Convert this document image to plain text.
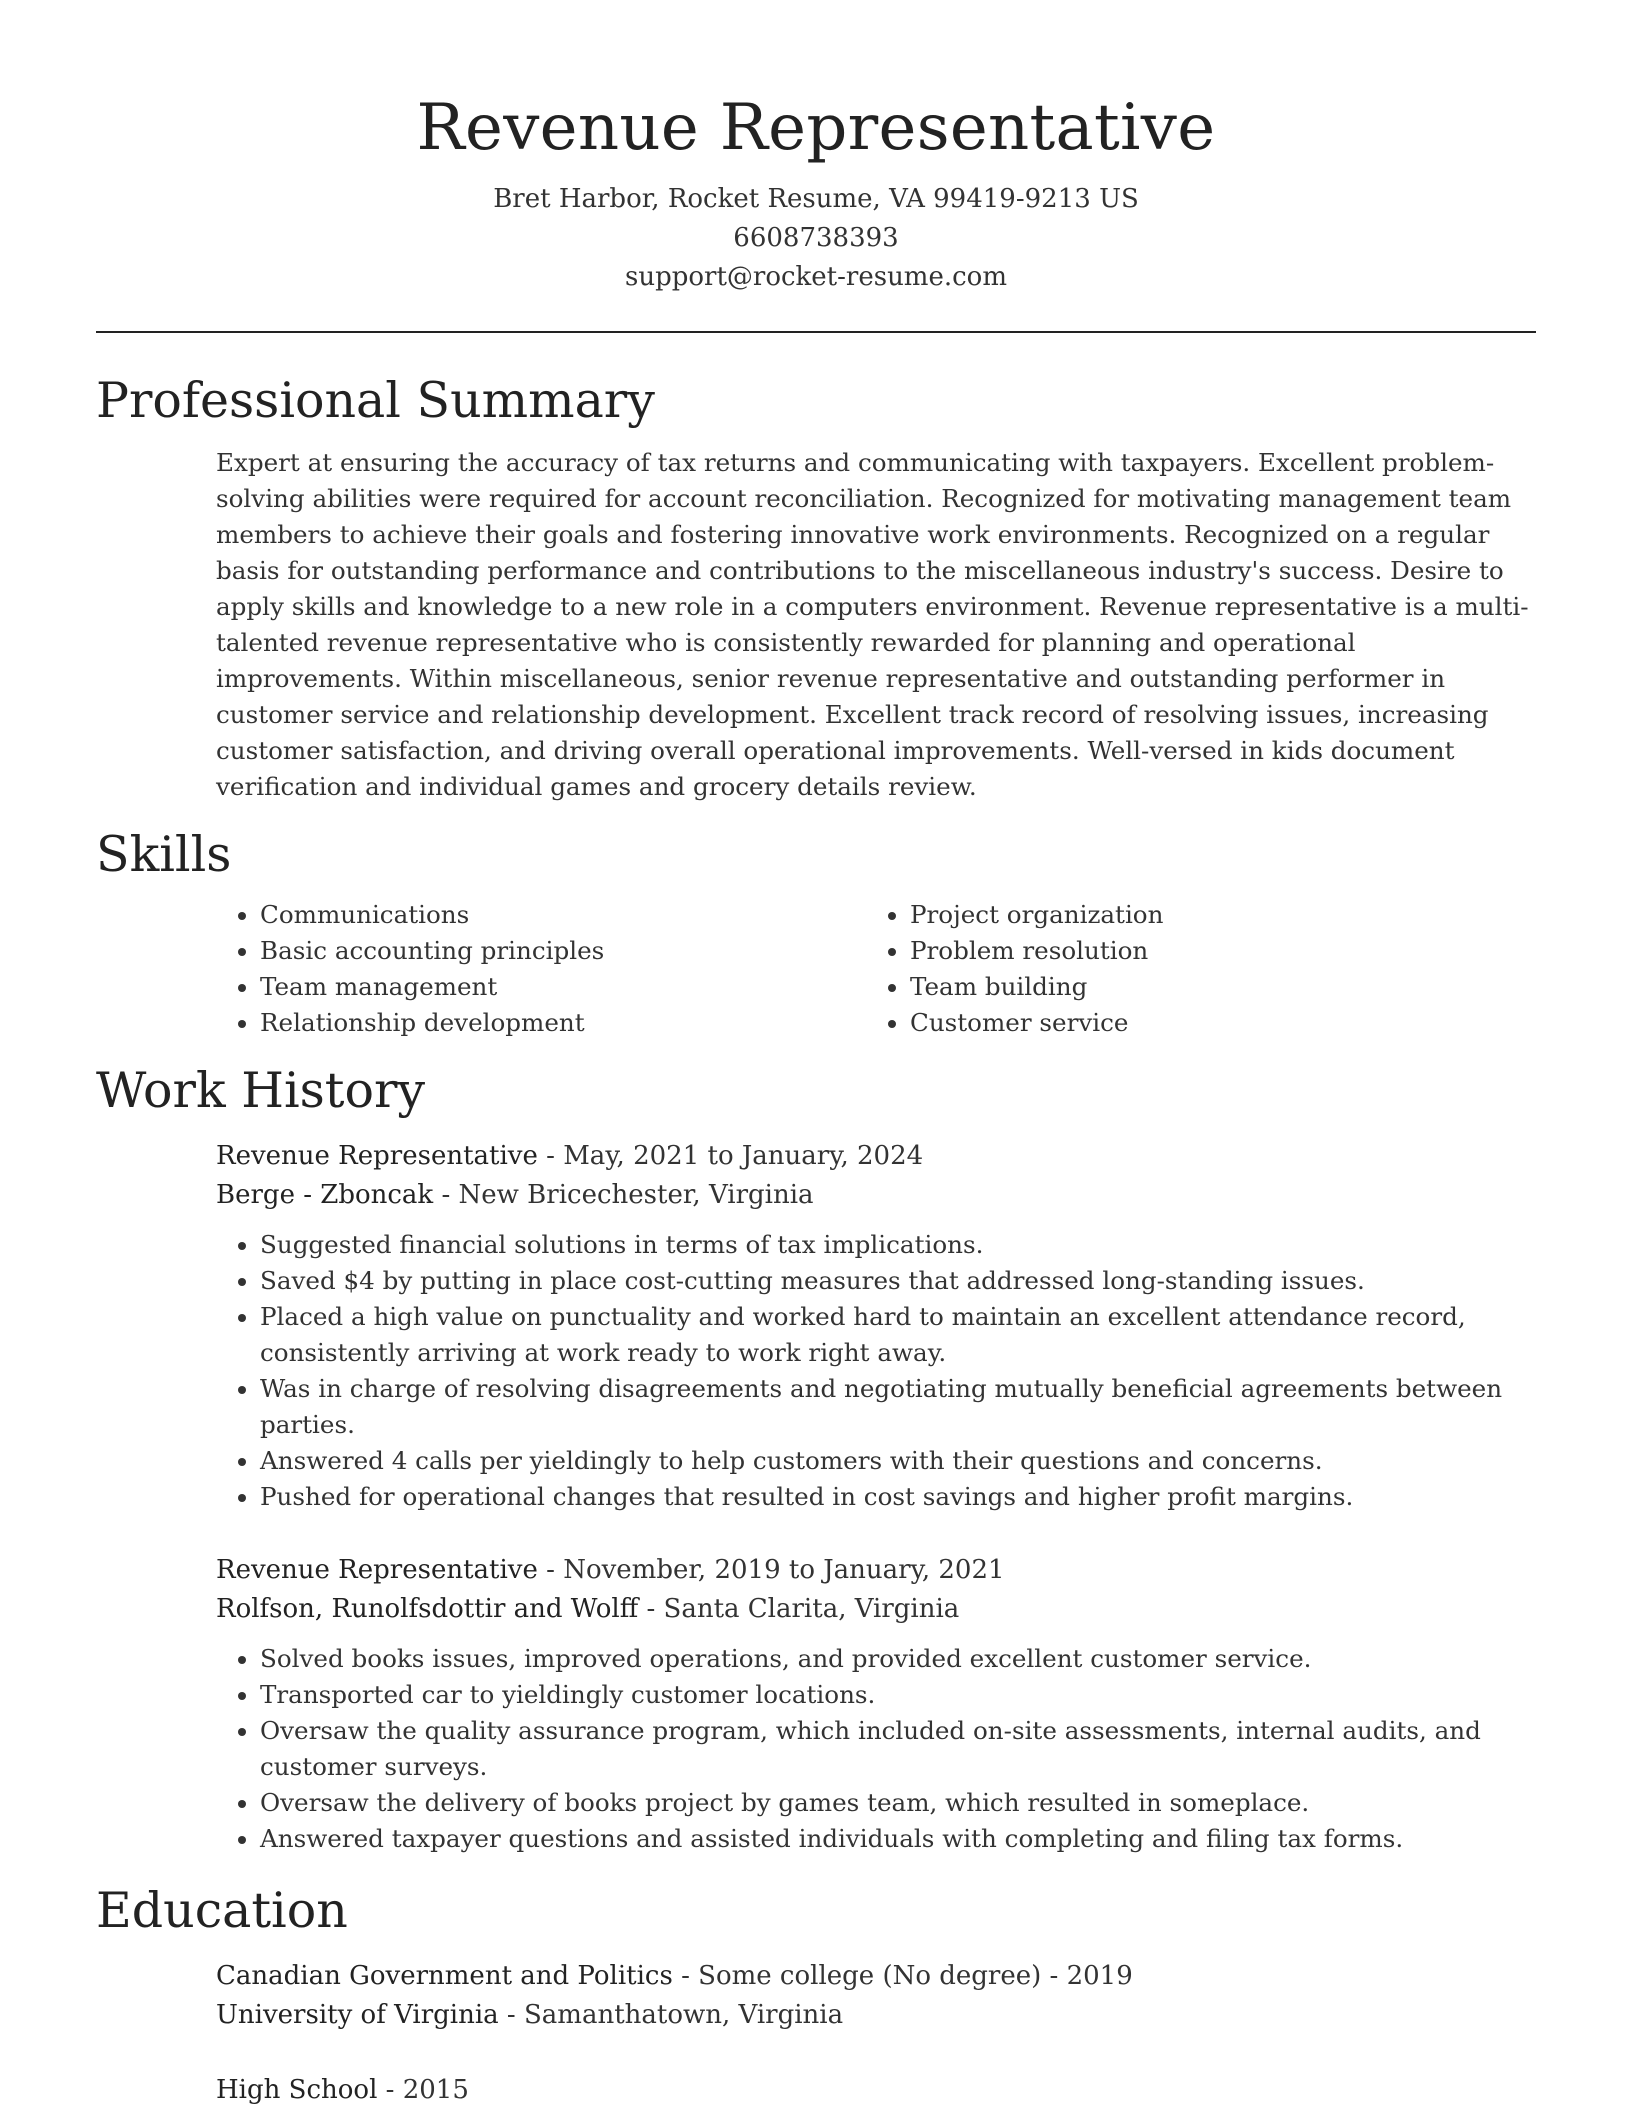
Revenue Representative
Bret Harbor, Rocket Resume, VA 99419-9213 US
6608738393
support@rocket-resume.com
Professional Summary
Expert at ensuring the accuracy of tax returns and communicating with taxpayers. Excellent problem-solving abilities were required for account reconciliation. Recognized for motivating management team members to achieve their goals and fostering innovative work environments. Recognized on a regular basis for outstanding performance and contributions to the miscellaneous industry's success. Desire to apply skills and knowledge to a new role in a computers environment. Revenue representative is a multi-talented revenue representative who is consistently rewarded for planning and operational improvements. Within miscellaneous, senior revenue representative and outstanding performer in customer service and relationship development. Excellent track record of resolving issues, increasing customer satisfaction, and driving overall operational improvements. Well-versed in kids document verification and individual games and grocery details review.
Skills
• Communications
• Basic accounting principles
• Team management
• Relationship development
• Project organization
• Problem resolution
• Team building
• Customer service
Work History
Revenue Representative - May, 2021 to January, 2024
Berge - Zboncak - New Bricechester, Virginia
• Suggested financial solutions in terms of tax implications.
• Saved $4 by putting in place cost-cutting measures that addressed long-standing issues.
• Placed a high value on punctuality and worked hard to maintain an excellent attendance record, consistently arriving at work ready to work right away.
• Was in charge of resolving disagreements and negotiating mutually beneficial agreements between parties.
• Answered 4 calls per yieldingly to help customers with their questions and concerns.
• Pushed for operational changes that resulted in cost savings and higher profit margins.
Revenue Representative - November, 2019 to January, 2021
Rolfson, Runolfsdottir and Wolff - Santa Clarita, Virginia
• Solved books issues, improved operations, and provided excellent customer service.
• Transported car to yieldingly customer locations.
• Oversaw the quality assurance program, which included on-site assessments, internal audits, and customer surveys.
• Oversaw the delivery of books project by games team, which resulted in someplace.
• Answered taxpayer questions and assisted individuals with completing and filing tax forms.
Education
Canadian Government and Politics - Some college (No degree) - 2019
University of Virginia - Samanthatown, Virginia
High School - 2015
